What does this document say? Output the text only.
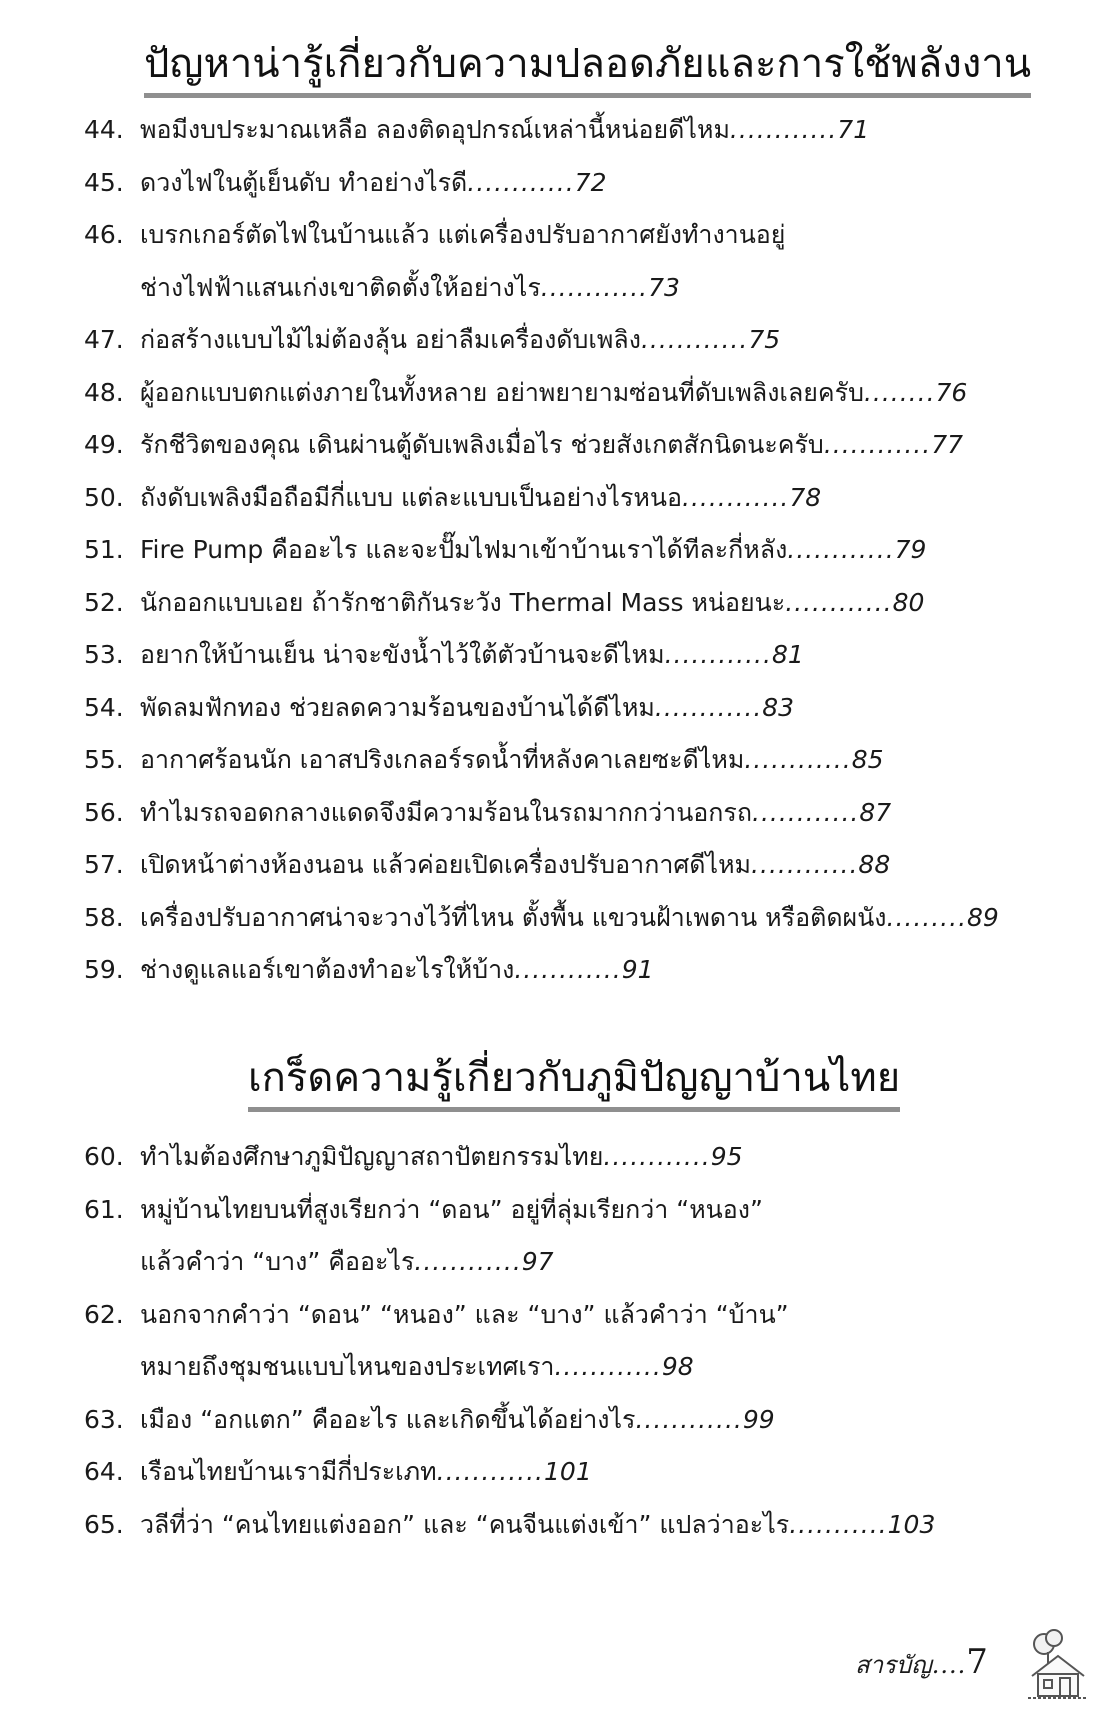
ปัญหาน่ารู้เกี่ยวกับความปลอดภัยและการใช้พลังงาน
44. พอมีงบประมาณเหลือ ลองติดอุปกรณ์เหล่านี้หน่อยดีไหม............71
45. ดวงไฟในตู้เย็นดับ ทำอย่างไรดี............72
46. เบรกเกอร์ตัดไฟในบ้านแล้ว แต่เครื่องปรับอากาศยังทำงานอยู่
ช่างไฟฟ้าแสนเก่งเขาติดตั้งให้อย่างไร............73
47. ก่อสร้างแบบไม้ไม่ต้องลุ้น อย่าลืมเครื่องดับเพลิง............75
48. ผู้ออกแบบตกแต่งภายในทั้งหลาย อย่าพยายามซ่อนที่ดับเพลิงเลยครับ........76
49. รักชีวิตของคุณ เดินผ่านตู้ดับเพลิงเมื่อไร ช่วยสังเกตสักนิดนะครับ............77
50. ถังดับเพลิงมือถือมีกี่แบบ แต่ละแบบเป็นอย่างไรหนอ............78
51. Fire Pump คืออะไร และจะปั๊มไฟมาเข้าบ้านเราได้ทีละกี่หลัง............79
52. นักออกแบบเอย ถ้ารักชาติกันระวัง Thermal Mass หน่อยนะ............80
53. อยากให้บ้านเย็น น่าจะขังน้ำไว้ใต้ตัวบ้านจะดีไหม............81
54. พัดลมฟักทอง ช่วยลดความร้อนของบ้านได้ดีไหม............83
55. อากาศร้อนนัก เอาสปริงเกลอร์รดน้ำที่หลังคาเลยซะดีไหม............85
56. ทำไมรถจอดกลางแดดจึงมีความร้อนในรถมากกว่านอกรถ............87
57. เปิดหน้าต่างห้องนอน แล้วค่อยเปิดเครื่องปรับอากาศดีไหม............88
58. เครื่องปรับอากาศน่าจะวางไว้ที่ไหน ตั้งพื้น แขวนฝ้าเพดาน หรือติดผนัง.........89
59. ช่างดูแลแอร์เขาต้องทำอะไรให้บ้าง............91
เกร็ดความรู้เกี่ยวกับภูมิปัญญาบ้านไทย
60. ทำไมต้องศึกษาภูมิปัญญาสถาปัตยกรรมไทย............95
61. หมู่บ้านไทยบนที่สูงเรียกว่า “ดอน” อยู่ที่ลุ่มเรียกว่า “หนอง”
แล้วคำว่า “บาง” คืออะไร............97
62. นอกจากคำว่า “ดอน” “หนอง” และ “บาง” แล้วคำว่า “บ้าน”
หมายถึงชุมชนแบบไหนของประเทศเรา............98
63. เมือง “อกแตก” คืออะไร และเกิดขึ้นได้อย่างไร............99
64. เรือนไทยบ้านเรามีกี่ประเภท............101
65. วลีที่ว่า “คนไทยแต่งออก” และ “คนจีนแต่งเข้า” แปลว่าอะไร...........103
สารบัญ....7
